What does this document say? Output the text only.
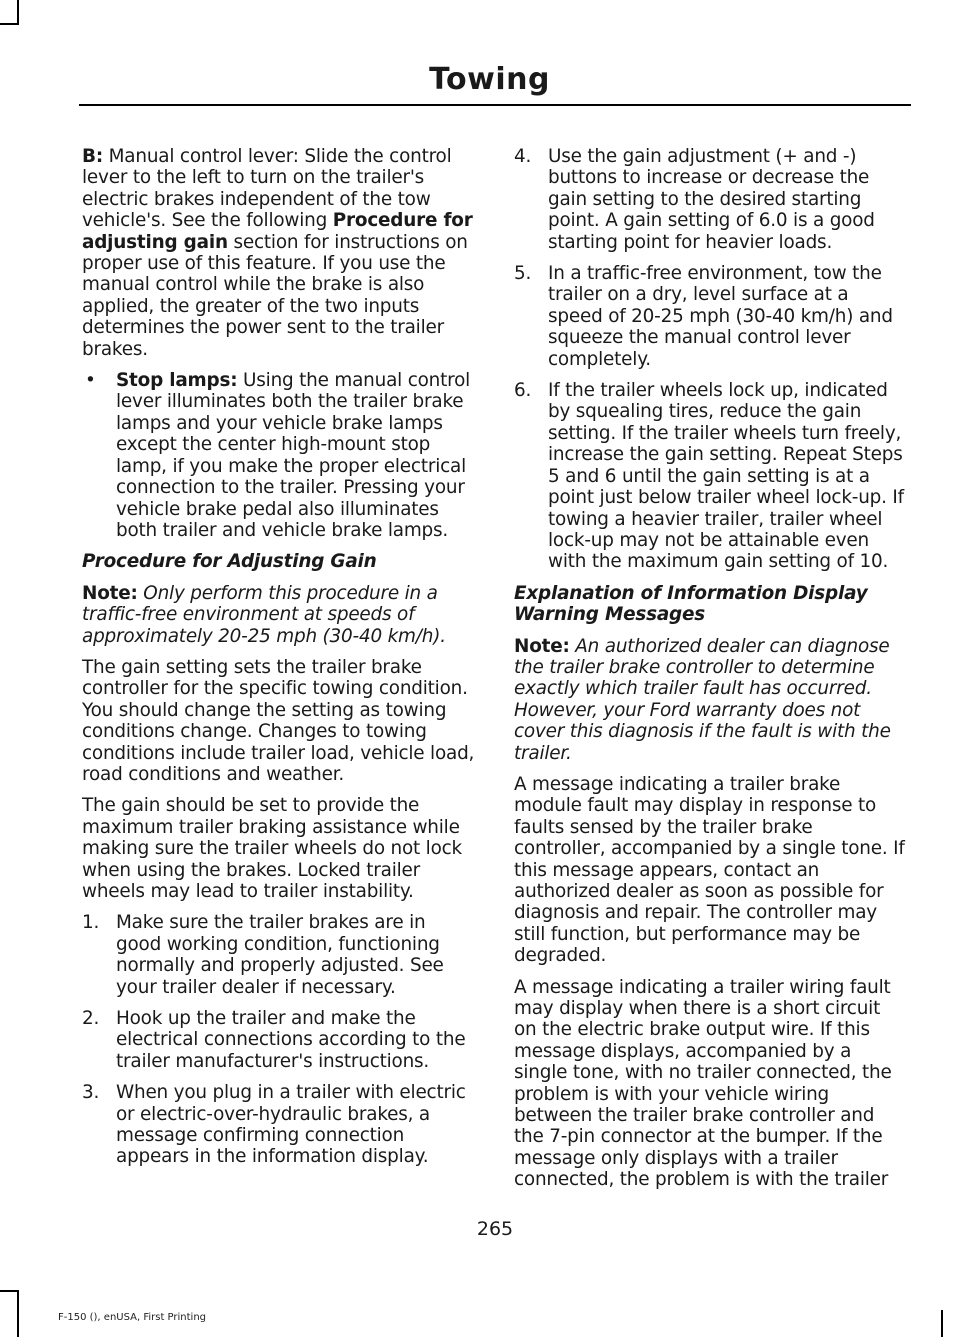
Towing

B: Manual control lever: Slide the control lever to the left to turn on the trailer's electric brakes independent of the tow vehicle's. See the following Procedure for adjusting gain section for instructions on proper use of this feature. If you use the manual control while the brake is also applied, the greater of the two inputs determines the power sent to the trailer brakes.

• Stop lamps: Using the manual control lever illuminates both the trailer brake lamps and your vehicle brake lamps except the center high-mount stop lamp, if you make the proper electrical connection to the trailer. Pressing your vehicle brake pedal also illuminates both trailer and vehicle brake lamps.

Procedure for Adjusting Gain

Note: Only perform this procedure in a traffic-free environment at speeds of approximately 20-25 mph (30-40 km/h).

The gain setting sets the trailer brake controller for the specific towing condition. You should change the setting as towing conditions change. Changes to towing conditions include trailer load, vehicle load, road conditions and weather.

The gain should be set to provide the maximum trailer braking assistance while making sure the trailer wheels do not lock when using the brakes. Locked trailer wheels may lead to trailer instability.

1. Make sure the trailer brakes are in good working condition, functioning normally and properly adjusted. See your trailer dealer if necessary.
2. Hook up the trailer and make the electrical connections according to the trailer manufacturer's instructions.
3. When you plug in a trailer with electric or electric-over-hydraulic brakes, a message confirming connection appears in the information display.
4. Use the gain adjustment (+ and -) buttons to increase or decrease the gain setting to the desired starting point. A gain setting of 6.0 is a good starting point for heavier loads.
5. In a traffic-free environment, tow the trailer on a dry, level surface at a speed of 20-25 mph (30-40 km/h) and squeeze the manual control lever completely.
6. If the trailer wheels lock up, indicated by squealing tires, reduce the gain setting. If the trailer wheels turn freely, increase the gain setting. Repeat Steps 5 and 6 until the gain setting is at a point just below trailer wheel lock-up. If towing a heavier trailer, trailer wheel lock-up may not be attainable even with the maximum gain setting of 10.

Explanation of Information Display Warning Messages

Note: An authorized dealer can diagnose the trailer brake controller to determine exactly which trailer fault has occurred. However, your Ford warranty does not cover this diagnosis if the fault is with the trailer.

A message indicating a trailer brake module fault may display in response to faults sensed by the trailer brake controller, accompanied by a single tone. If this message appears, contact an authorized dealer as soon as possible for diagnosis and repair. The controller may still function, but performance may be degraded.

A message indicating a trailer wiring fault may display when there is a short circuit on the electric brake output wire. If this message displays, accompanied by a single tone, with no trailer connected, the problem is with your vehicle wiring between the trailer brake controller and the 7-pin connector at the bumper. If the message only displays with a trailer connected, the problem is with the trailer

265
F-150 (), enUSA, First Printing
